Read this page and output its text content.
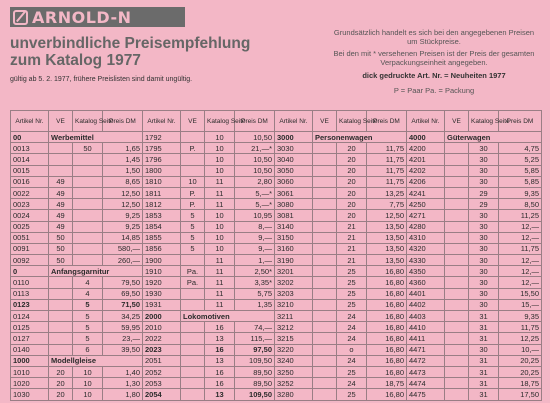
ARNOLD-N
unverbindliche Preisempfehlung
zum Katalog 1977
gültig ab 5. 2. 1977, frühere Preislisten sind damit ungültig.

Grundsätzlich handelt es sich bei den angegebenen Preisen um Stückpreise.

Bei den mit * versehenen Preisen ist der Preis der gesamten Verpackungseinheit angegeben.

dick gedruckte Art. Nr. = Neuheiten 1977

P = Paar Pa. = Packung

Artikel Nr.	VE	Katalog Seite	Preis DM	Artikel Nr.	VE	Katalog Seite	Preis DM	Artikel Nr.	VE	Katalog Seite	Preis DM	Artikel Nr.	VE	Katalog Seite	Preis DM
00	Werbemittel			1792		10	10,50	3000	Personenwagen			4000	Güterwagen		
0013		50	1,65	1795	P.	10	21,—*	3030		20	11,75	4200		30	4,75
0014			1,45	1796		10	10,50	3040		20	11,75	4201		30	5,25
0015			1,50	1800		10	10,50	3050		20	11,75	4202		30	5,85
0016	49		8,65	1810	10	11	2,80	3060		20	11,75	4206		30	5,85
0022	49		12,50	1811	P.	11	5,—*	3061		20	13,25	4241		29	9,35
0023	49		12,50	1812	P.	11	5,—*	3080		20	7,75	4250		29	8,50
0024	49		9,25	1853	5	10	10,95	3081		20	12,50	4271		30	11,25
0025	49		9,25	1854	5	10	8,—	3140		21	13,50	4280		30	12,—
0051	50		14,85	1855	5	10	9,—	3150		21	13,50	4310		30	12,—
0091	50		580,—	1856	5	10	9,—	3160		21	13,50	4320		30	11,75
0092	50		260,—	1900		11	1,—	3190		21	13,50	4330		30	12,—
0	Anfangsgarnitur			1910	Pa.	11	2,50*	3201		25	16,80	4350		30	12,—
0110		4	79,50	1920	Pa.	11	3,35*	3202		25	16,80	4360		30	12,—
0113		4	69,50	1930		11	5,75	3203		25	16,80	4401		30	15,50
0123		5	71,50	1931		11	1,35	3210		25	16,80	4402		30	15,—
0124		5	34,25	2000	Lokomotiven			3211		24	16,80	4403		31	9,35
0125		5	59,95	2010		16	74,—	3212		24	16,80	4410		31	11,75
0127		5	23,—	2022		13	115,—	3215		24	16,80	4411		31	12,25
0140		6	39,50	2023		16	97,50	3220		o	16,80	4471		30	10,—
1000	Modellgleise			2051		13	109,50	3240		24	16,80	4472		31	20,25
1010	20	10	1,40	2052		16	89,50	3250		25	16,80	4473		31	20,25
1020	20	10	1,30	2053		16	89,50	3252		24	18,75	4474		31	18,75
1030	20	10	1,80	2054		13	109,50	3280		25	16,80	4475		31	17,50
